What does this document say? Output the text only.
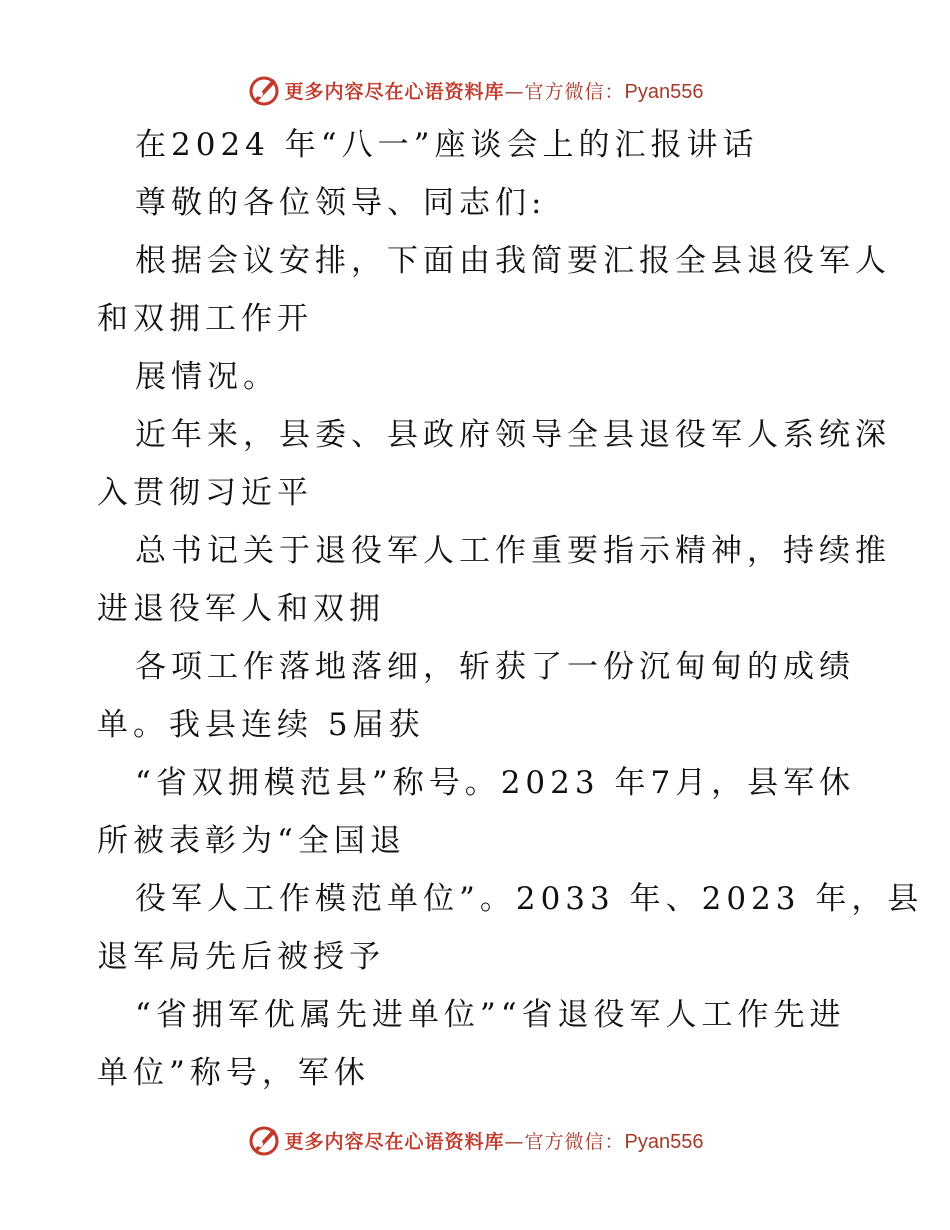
更多内容尽在心语资料库—官方微信：Pyan556
在2024 年“八一”座谈会上的汇报讲话
尊敬的各位领导、同志们:
根据会议安排，下面由我简要汇报全县退役军人
和双拥工作开
展情况。
近年来，县委、县政府领导全县退役军人系统深
入贯彻习近平
总书记关于退役军人工作重要指示精神，持续推
进退役军人和双拥
各项工作落地落细，斩获了一份沉甸甸的成绩
单。我县连续 5届获
“省双拥模范县”称号。2023 年7月，县军休
所被表彰为“全国退
役军人工作模范单位”。2033 年、2023 年，县
退军局先后被授予
“省拥军优属先进单位”“省退役军人工作先进
单位”称号，军休
更多内容尽在心语资料库—官方微信：Pyan556
